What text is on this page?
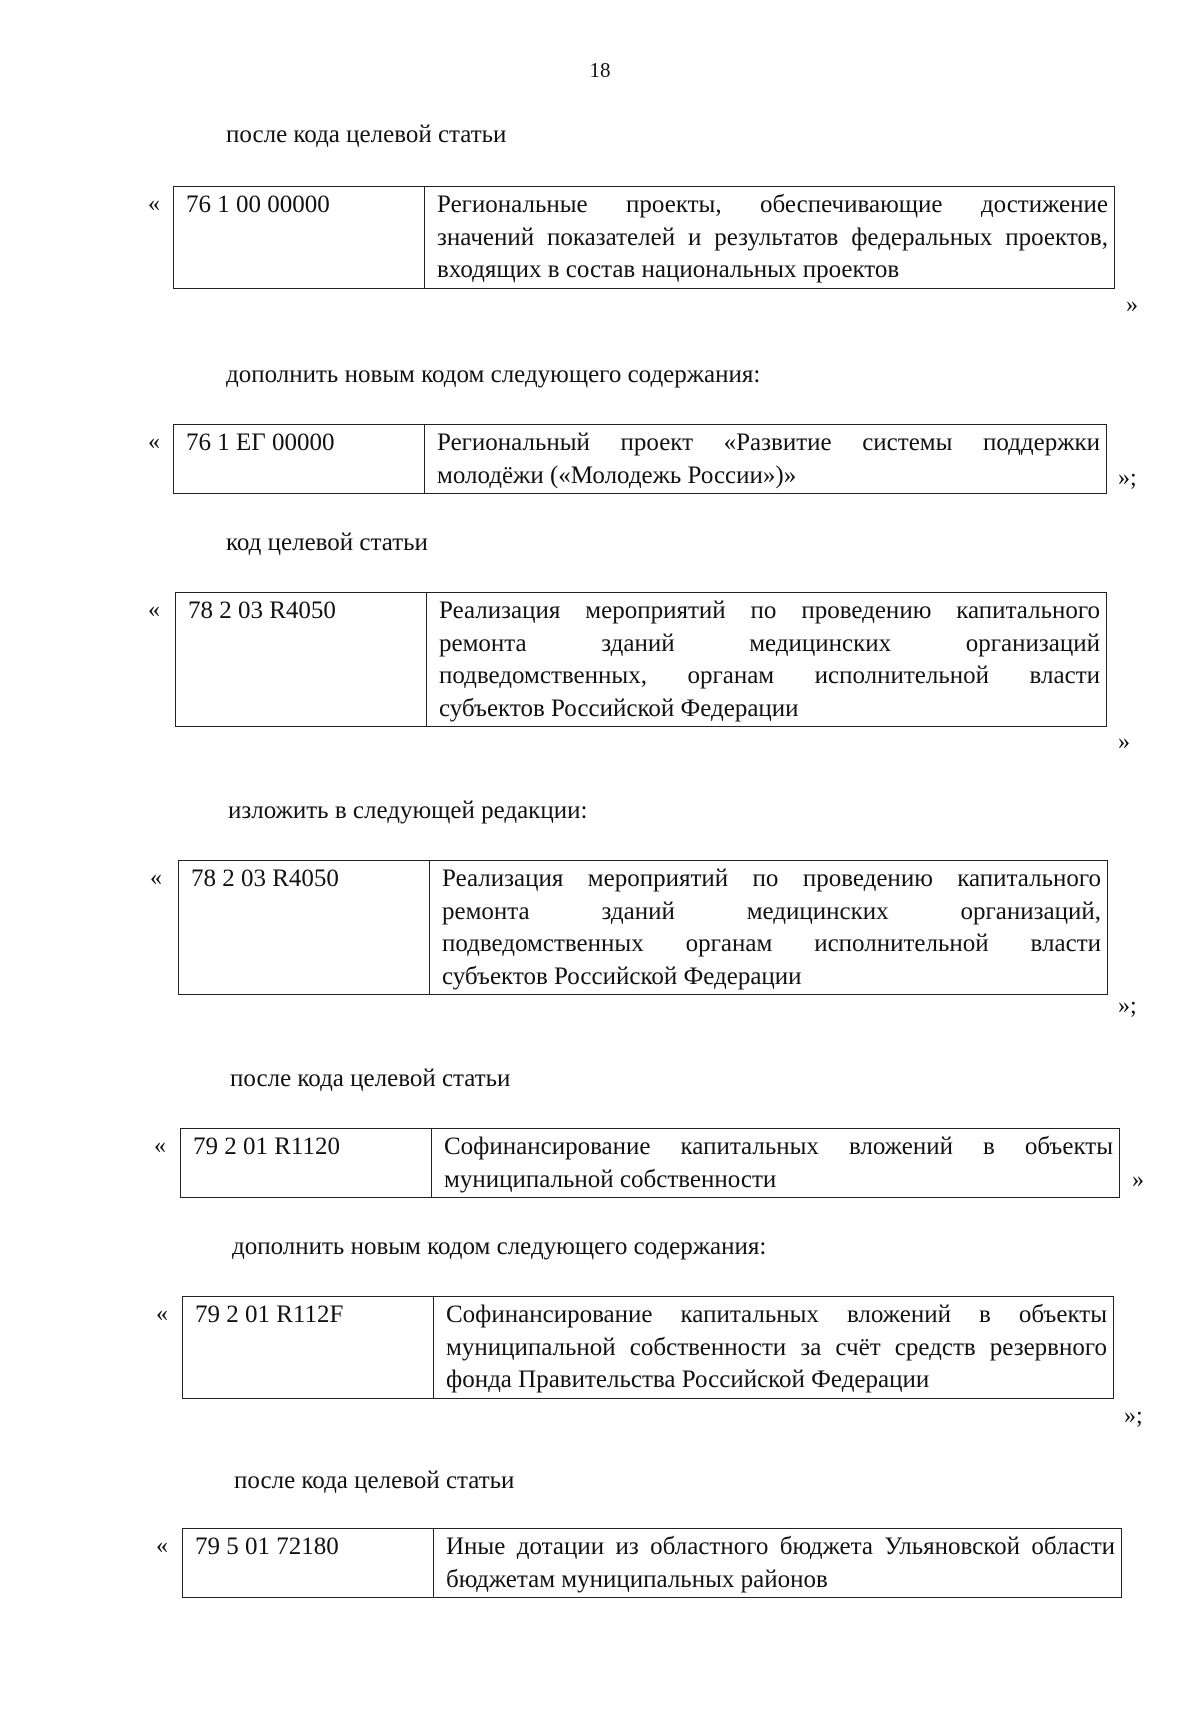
18
после кода целевой статьи
« 76 1 00 00000	Региональные проекты, обеспечивающие достижение значений показателей и результатов федеральных проектов, входящих в состав национальных проектов
»
дополнить новым кодом следующего содержания:
« 76 1 ЕГ 00000	Региональный проект «Развитие системы поддержки молодёжи («Молодежь России»)»	»;
код целевой статьи
« 78 2 03 R4050	Реализация мероприятий по проведению капитального ремонта зданий медицинских организаций подведомственных, органам исполнительной власти субъектов Российской Федерации
»
изложить в следующей редакции:
« 78 2 03 R4050	Реализация мероприятий по проведению капитального ремонта зданий медицинских организаций, подведомственных органам исполнительной власти субъектов Российской Федерации
»;
после кода целевой статьи
« 79 2 01 R1120	Софинансирование капитальных вложений в объекты муниципальной собственности	»
дополнить новым кодом следующего содержания:
« 79 2 01 R112F	Софинансирование капитальных вложений в объекты муниципальной собственности за счёт средств резервного фонда Правительства Российской Федерации
»;
после кода целевой статьи
« 79 5 01 72180	Иные дотации из областного бюджета Ульяновской области бюджетам муниципальных районов
